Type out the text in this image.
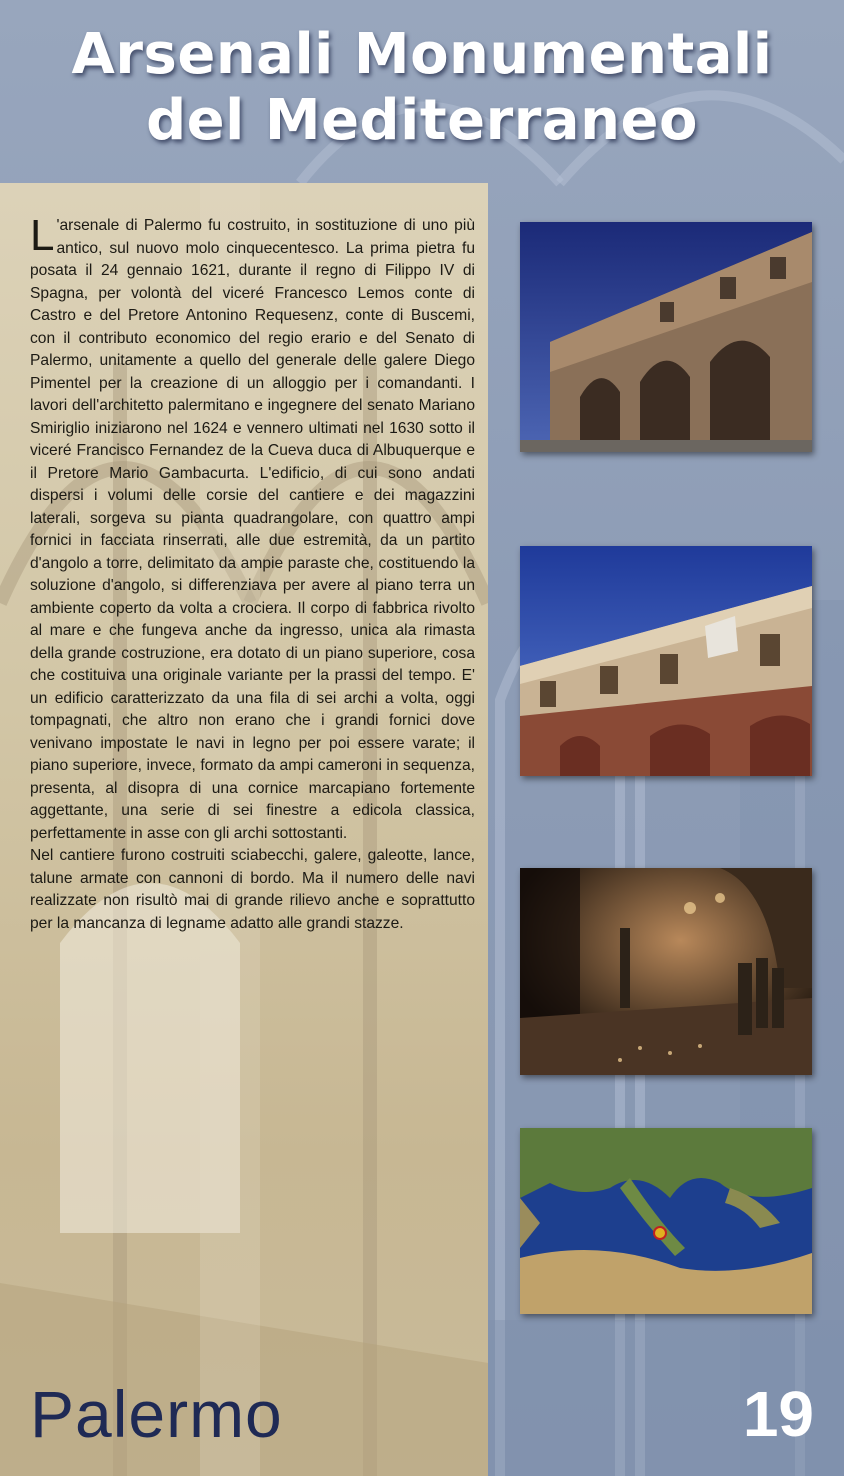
Arsenali Monumentali
del Mediterraneo

L 'arsenale di Palermo fu costruito, in sostituzione di uno più antico, sul nuovo molo cinquecentesco. La prima pietra fu posata il 24 gennaio 1621, durante il regno di Filippo IV di Spagna, per volontà del viceré Francesco Lemos conte di Castro e del Pretore Antonino Requesenz, conte di Buscemi, con il contributo economico del regio erario e del Senato di Palermo, unitamente a quello del generale delle galere Diego Pimentel per la creazione di un alloggio per i comandanti. I lavori dell'architetto palermitano e ingegnere del senato Mariano Smiriglio iniziarono nel 1624 e vennero ultimati nel 1630 sotto il viceré Francisco Fernandez de la Cueva duca di Albuquerque e il Pretore Mario Gambacurta. L'edificio, di cui sono andati dispersi i volumi delle corsie del cantiere e dei magazzini laterali, sorgeva su pianta quadrangolare, con quattro ampi fornici in facciata rinserrati, alle due estremità, da un partito d'angolo a torre, delimitato da ampie paraste che, costituendo la soluzione d'angolo, si differenziava per avere al piano terra un ambiente coperto da volta a crociera. Il corpo di fabbrica rivolto al mare e che fungeva anche da ingresso, unica ala rimasta della grande costruzione, era dotato di un piano superiore, cosa che costituiva una originale variante per la prassi del tempo. E' un edificio caratterizzato da una fila di sei archi a volta, oggi tompagnati, che altro non erano che i grandi fornici dove venivano impostate le navi in legno per poi essere varate; il piano superiore, invece, formato da ampi cameroni in sequenza, presenta, al disopra di una cornice marcapiano fortemente aggettante, una serie di sei finestre a edicola classica, perfettamente in asse con gli archi sottostanti.

Nel cantiere furono costruiti sciabecchi, galere, galeotte, lance, talune armate con cannoni di bordo. Ma il numero delle navi realizzate non risultò mai di grande rilievo anche e soprattutto per la mancanza di legname adatto alle grandi stazze.

Palermo	19
